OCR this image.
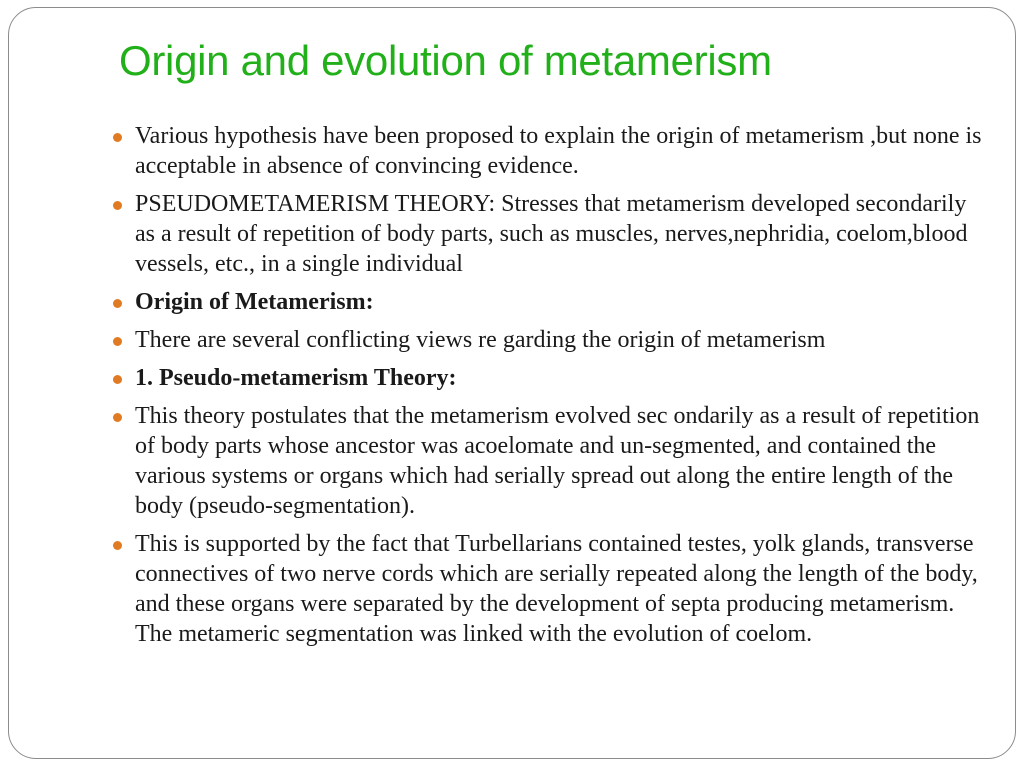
Origin and evolution of metamerism
Various hypothesis have been proposed to explain the origin of metamerism ,but none is acceptable in absence of convincing evidence.
PSEUDOMETAMERISM THEORY: Stresses that metamerism developed secondarily as a result of repetition of body parts, such as muscles, nerves,nephridia, coelom,blood vessels, etc., in a single individual
Origin of Metamerism:
There are several conflicting views re garding the origin of metamerism
1. Pseudo-metamerism Theory:
This theory postulates that the metamerism evolved sec ondarily as a result of repetition of body parts whose ancestor was acoelomate and un-segmented, and contained the various systems or organs which had serially spread out along the entire length of the body (pseudo-segmentation).
This is supported by the fact that Turbellarians contained testes, yolk glands, transverse connectives of two nerve cords which are serially repeated along the length of the body, and these organs were separated by the development of septa producing metamerism. The metameric segmentation was linked with the evolution of coelom.
